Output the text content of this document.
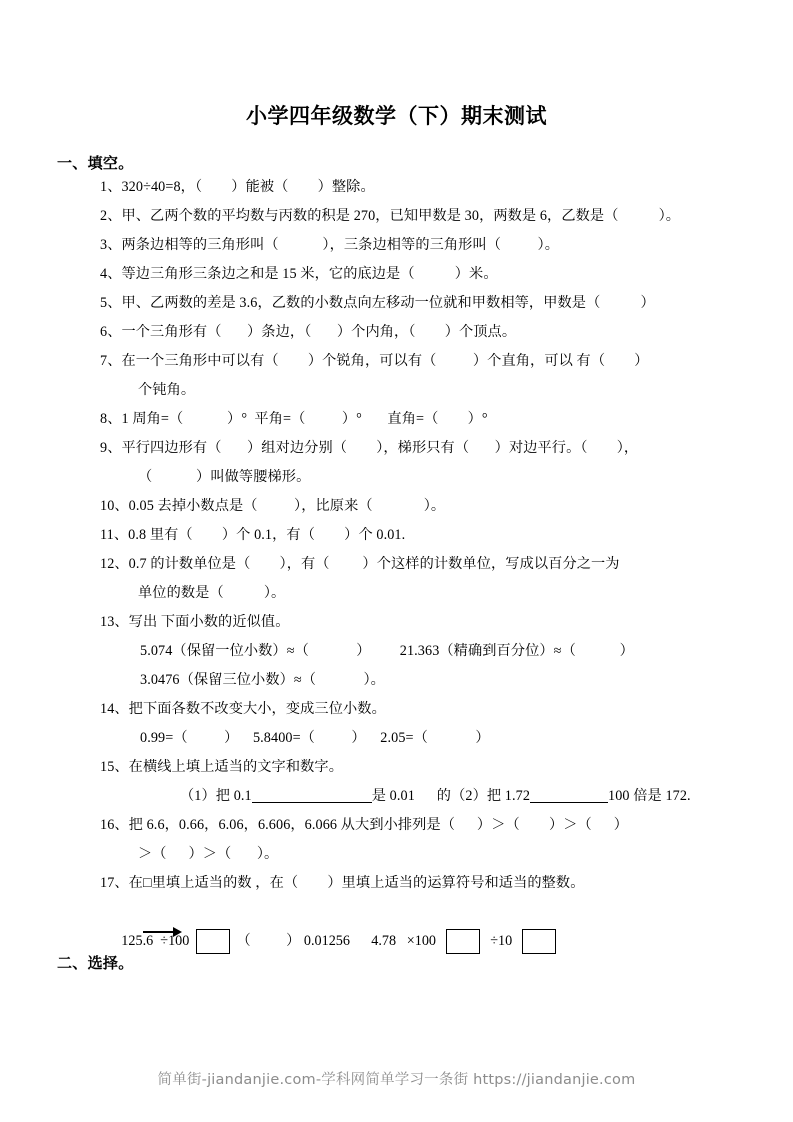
小学四年级数学（下）期末测试
一、填空。
1、320÷40=8，（        ）能被（        ）整除。
2、甲、乙两个数的平均数与丙数的积是 270，已知甲数是 30，两数是 6，乙数是（           ）。
3、两条边相等的三角形叫（            ），三条边相等的三角形叫（          ）。
4、等边三角形三条边之和是 15 米，它的底边是（           ）米。
5、甲、乙两数的差是 3.6，乙数的小数点向左移动一位就和甲数相等，甲数是（           ）
6、一个三角形有（       ）条边，（       ）个内角，（        ）个顶点。
7、在一个三角形中可以有（        ）个锐角，可以有（          ）个直角，可以 有（        ）
个钝角。
8、1 周角=（            ）°  平角=（          ）°       直角=（        ）°
9、平行四边形有（       ）组对边分别（        ），梯形只有（       ）对边平行。（        ），
（            ）叫做等腰梯形。
10、0.05 去掉小数点是（          ），比原来（              ）。
11、0.8 里有（        ）个 0.1，有（        ）个 0.01.
12、0.7 的计数单位是（        ），有（         ）个这样的计数单位，写成以百分之一为
单位的数是（           ）。
13、写出 下面小数的近似值。
5.074（保留一位小数）≈（             ）        21.363（精确到百分位）≈（            ）
3.0476（保留三位小数）≈（             ）。
14、把下面各数不改变大小，变成三位小数。
0.99=（          ）    5.8400=（          ）    2.05=（             ）
15、在横线上填上适当的文字和数字。
（1）把 0.1	是 0.01      的（2）把 1.72	100 倍是 172.
16、把 6.6，0.66，6.06，6.606，6.066 从大到小排列是（      ）＞（        ）＞（      ）
＞（      ）＞（       ）。
17、在□里填上适当的数 ，在（        ）里填上适当的运算符号和适当的整数。

125.6  ÷100	（          ） 0.01256      4.78   ×100	÷10

二、选择。
简单街-jiandanjie.com-学科网简单学习一条街 https://jiandanjie.com
